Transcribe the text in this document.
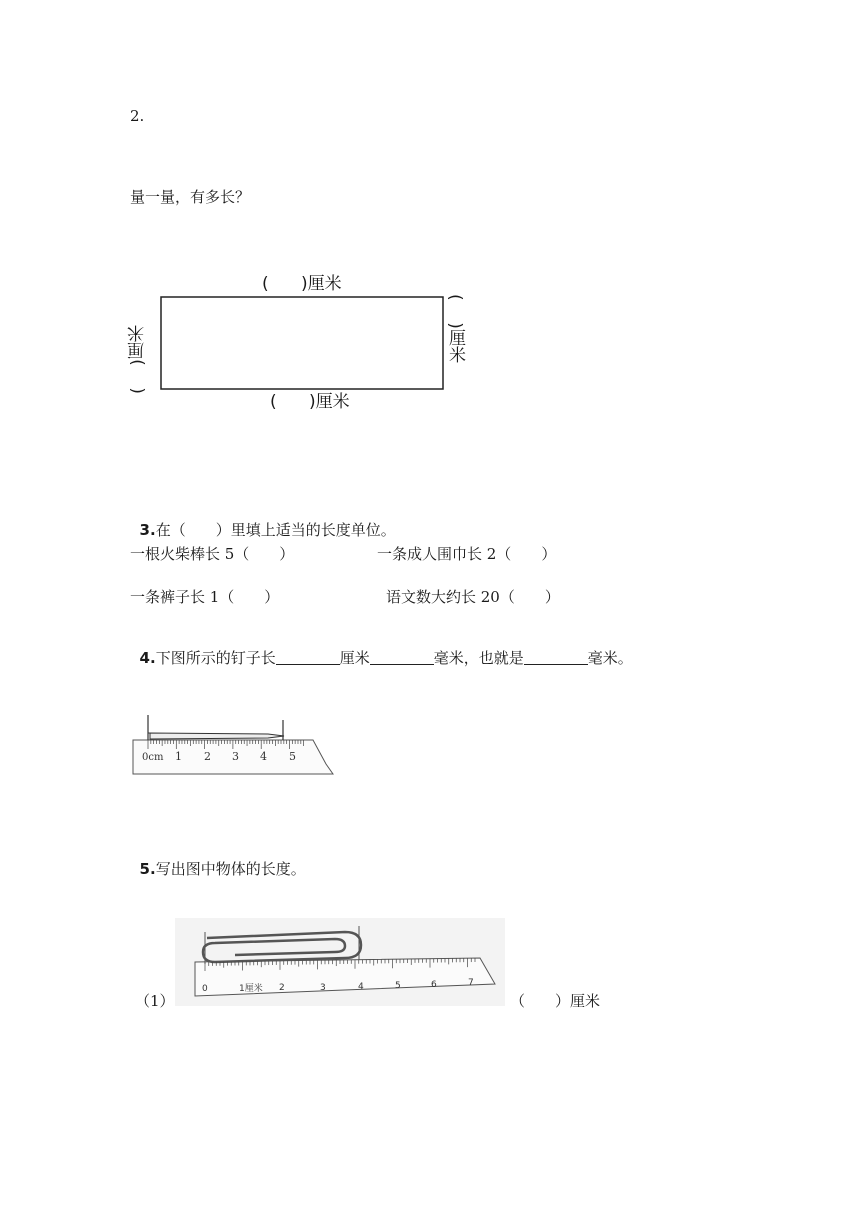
2.
量一量，有多长？
(      )厘米
(      )厘米
(    )厘米	(    )厘米

3.在（　　）里填上适当的长度单位。

一根火柴棒长 5（　　）	一条成人围巾长 2（　　）
一条裤子长 1（　　）	语文数大约长 20（　　）

4.下图所示的钉子长	厘米	毫米，也就是	毫米。

0cm 1 2 3 4 5

5.写出图中物体的长度。

（1）
0	1厘米 2	3	4	5	6	7
（　　）厘米
